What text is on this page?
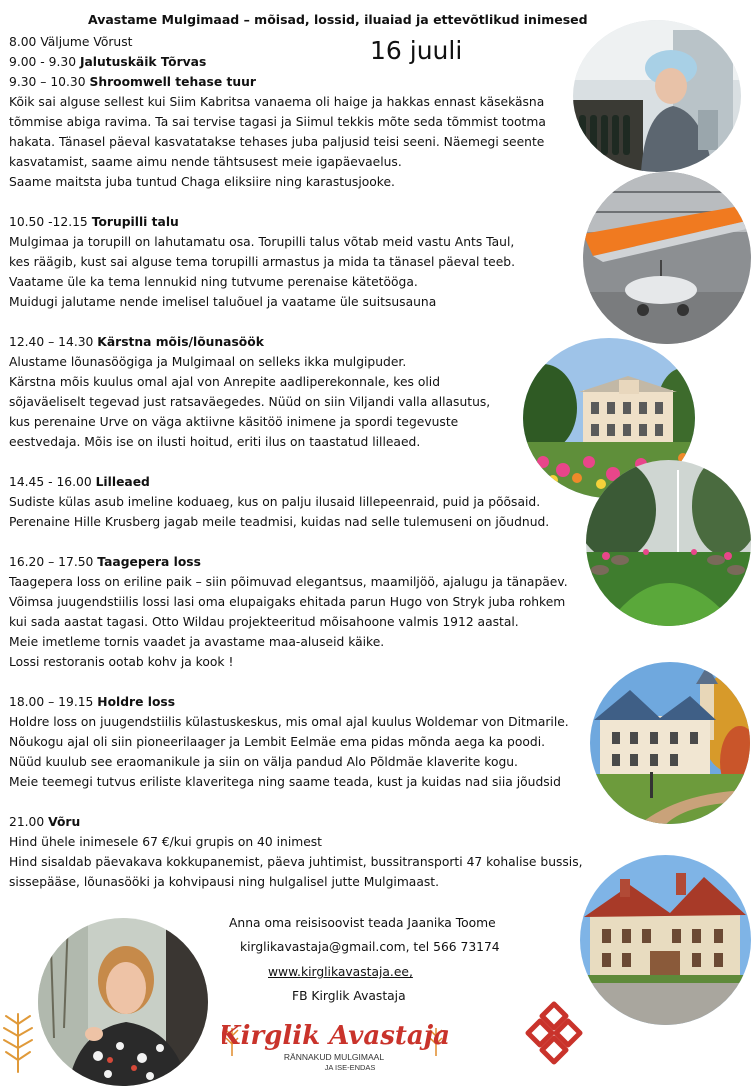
Avastame Mulgimaad – mõisad, lossid, iluaiad ja ettevõtlikud inimesed
16 juuli
8.00 Väljume Võrust
9.00 - 9.30 Jalutuskäik Tõrvas
9.30 – 10.30 Shroomwell tehase tuur
Kõik sai alguse sellest kui Siim Kabritsa vanaema oli haige ja hakkas ennast käsekäsna
tõmmise abiga ravima. Ta sai tervise tagasi ja Siimul tekkis mõte seda tõmmist tootma
hakata. Tänasel päeval kasvatatakse tehases juba paljusid teisi seeni. Näemegi seente
kasvatamist, saame aimu nende tähtsusest meie igapäevaelus.
Saame maitsta juba tuntud Chaga eliksiire ning karastusjooke.
10.50 -12.15 Torupilli talu
Mulgimaa ja torupill on lahutamatu osa. Torupilli talus võtab meid vastu Ants Taul,
kes räägib, kust sai alguse tema torupilli armastus ja mida ta tänasel päeval teeb.
Vaatame üle ka tema lennukid ning tutvume perenaise kätetööga.
Muidugi jalutame nende imelisel taluõuel ja vaatame üle suitsusauna
12.40 – 14.30 Kärstna mõis/lõunasöök
Alustame lõunasöögiga ja Mulgimaal on selleks ikka mulgipuder.
Kärstna mõis kuulus omal ajal von Anrepite aadliperekonnale, kes olid
sõjaväeliselt tegevad just ratsaväegedes. Nüüd on siin Viljandi valla allasutus,
kus perenaine Urve on väga aktiivne käsitöö inimene ja spordi tegevuste
eestvedaja. Mõis ise on ilusti hoitud, eriti ilus on taastatud lilleaed.
14.45 - 16.00 Lilleaed
Sudiste külas asub imeline koduaeg, kus on palju ilusaid lillepeenraid, puid ja põõsaid.
Perenaine Hille Krusberg jagab meile teadmisi, kuidas nad selle tulemuseni on jõudnud.
16.20 – 17.50 Taagepera loss
Taagepera loss on eriline paik – siin põimuvad elegantsus, maamiljöö, ajalugu ja tänapäev.
Võimsa juugendstiilis lossi lasi oma elupaigaks ehitada parun Hugo von Stryk juba rohkem
kui sada aastat tagasi. Otto Wildau projekteeritud mõisahoone valmis 1912 aastal.
Meie imetleme tornis vaadet ja avastame maa-aluseid käike.
Lossi restoranis ootab kohv ja kook !
18.00 – 19.15 Holdre loss
Holdre loss on juugendstiilis külastuskeskus, mis omal ajal kuulus Woldemar von Ditmarile.
Nõukogu ajal oli siin pioneerilaager ja Lembit Eelmäe ema pidas mõnda aega ka poodi.
Nüüd kuulub see eraomanikule ja siin on välja pandud Alo Põldmäe klaverite kogu.
Meie teemegi tutvus eriliste klaveritega ning saame teada, kust ja kuidas nad siia jõudsid
21.00 Võru
Hind ühele inimesele 67 €/kui grupis on 40 inimest
Hind sisaldab päevakava kokkupanemist, päeva juhtimist, bussitransporti 47 kohalise bussis,
sissepääse, lõunasööki ja kohvipausi ning hulgalisel jutte Mulgimaast.
Anna oma reisisoovist teada Jaanika Toome
kirglikavastaja@gmail.com, tel 566 73174
www.kirglikavastaja.ee,
FB Kirglik Avastaja
Kirglik Avastaja
RÄNNAKUD MULGIMAAL
JA ISE-ENDAS
